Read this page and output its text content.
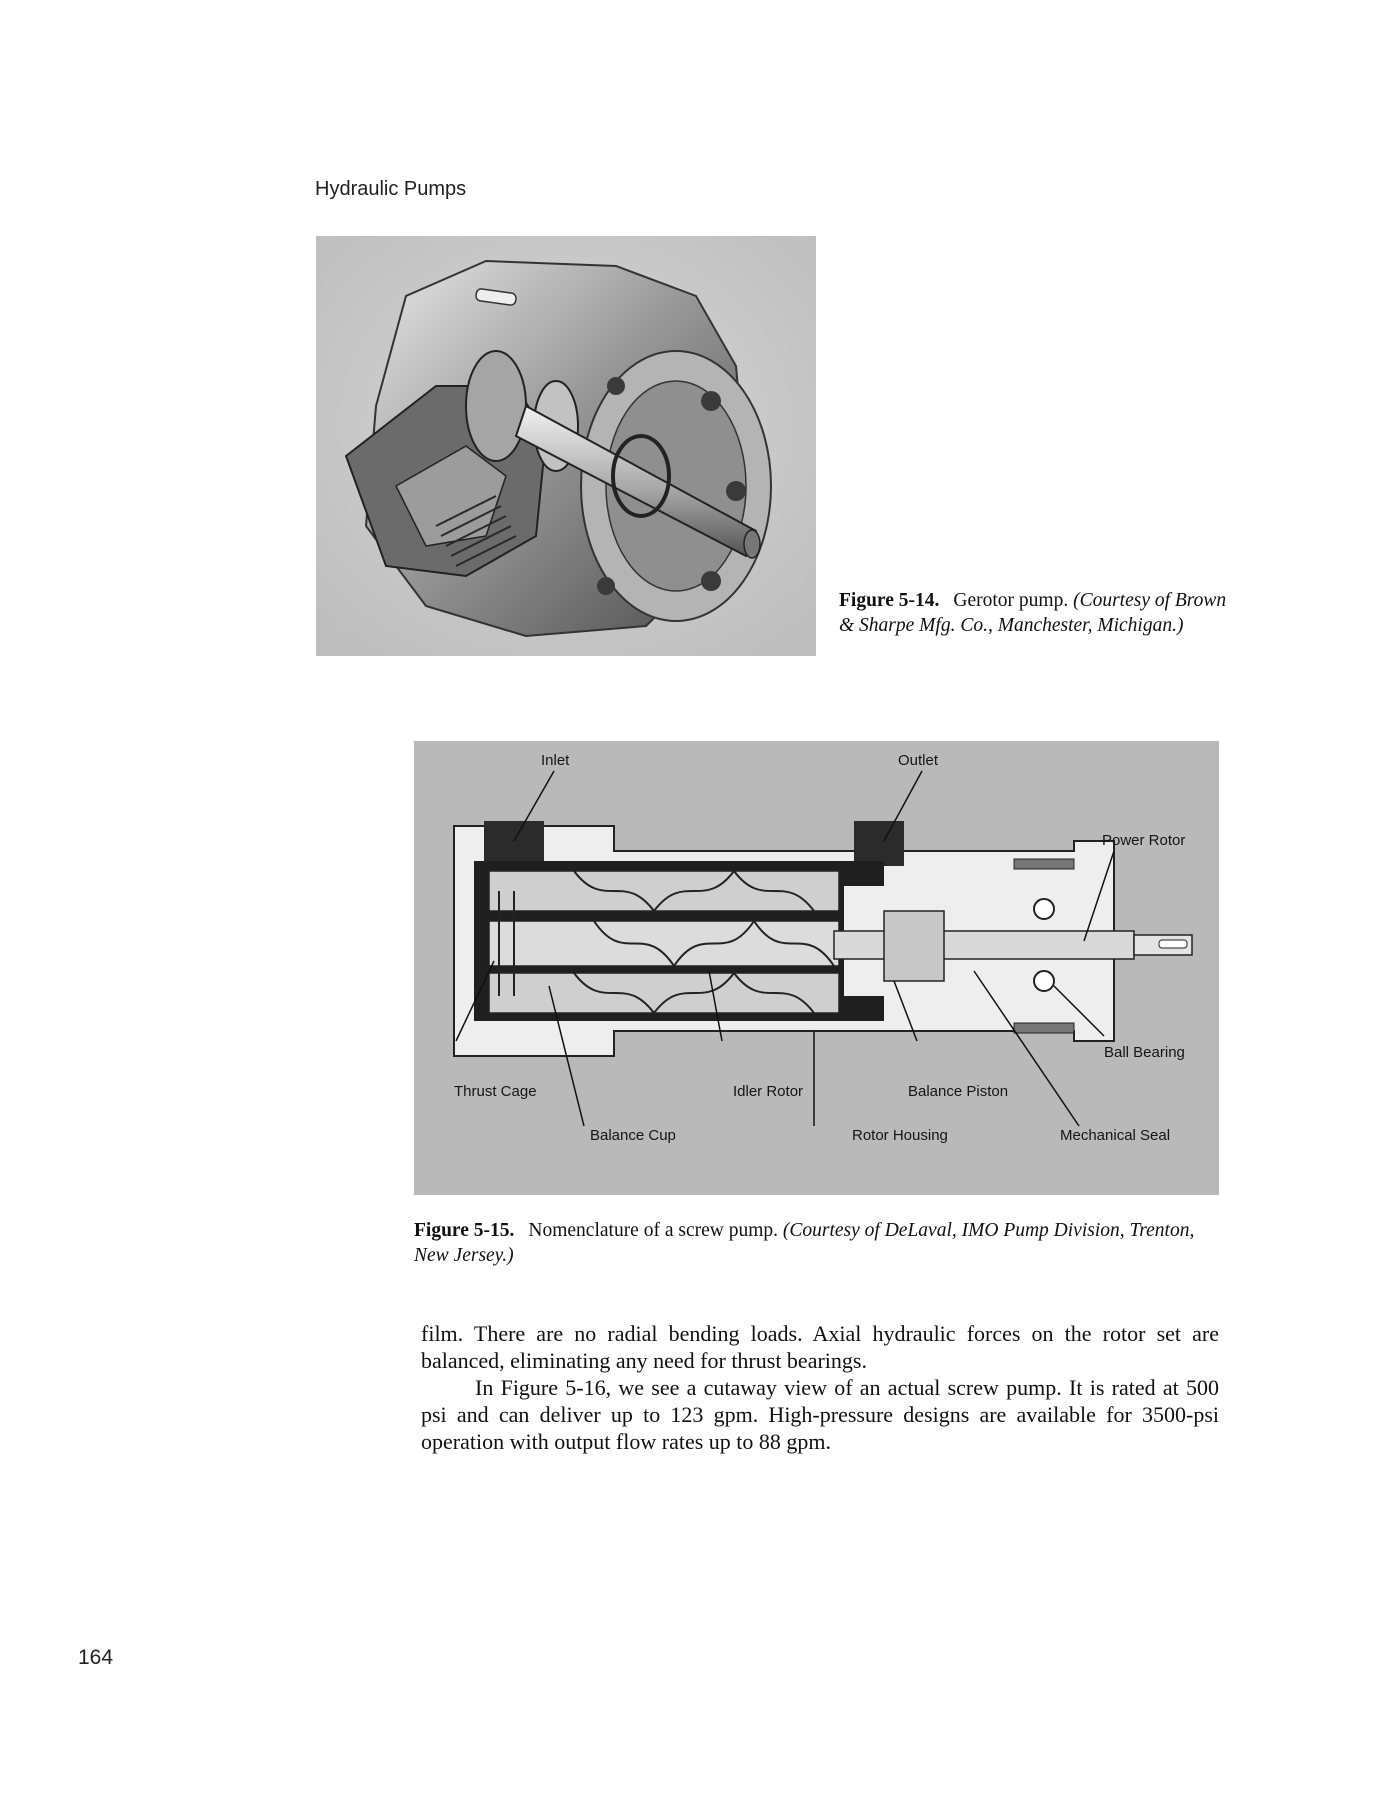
Hydraulic Pumps
Figure 5-14. Gerotor pump. (Courtesy of Brown & Sharpe Mfg. Co., Manchester, Michigan.)
Inlet	Outlet
Power Rotor
Ball Bearing
Thrust Cage	Idler Rotor	Balance Piston
Balance Cup	Rotor Housing	Mechanical Seal
Figure 5-15. Nomenclature of a screw pump. (Courtesy of DeLaval, IMO Pump Division, Trenton, New Jersey.)

film. There are no radial bending loads. Axial hydraulic forces on the rotor set are balanced, eliminating any need for thrust bearings.

In Figure 5-16, we see a cutaway view of an actual screw pump. It is rated at 500 psi and can deliver up to 123 gpm. High-pressure designs are available for 3500-psi operation with output flow rates up to 88 gpm.

164
